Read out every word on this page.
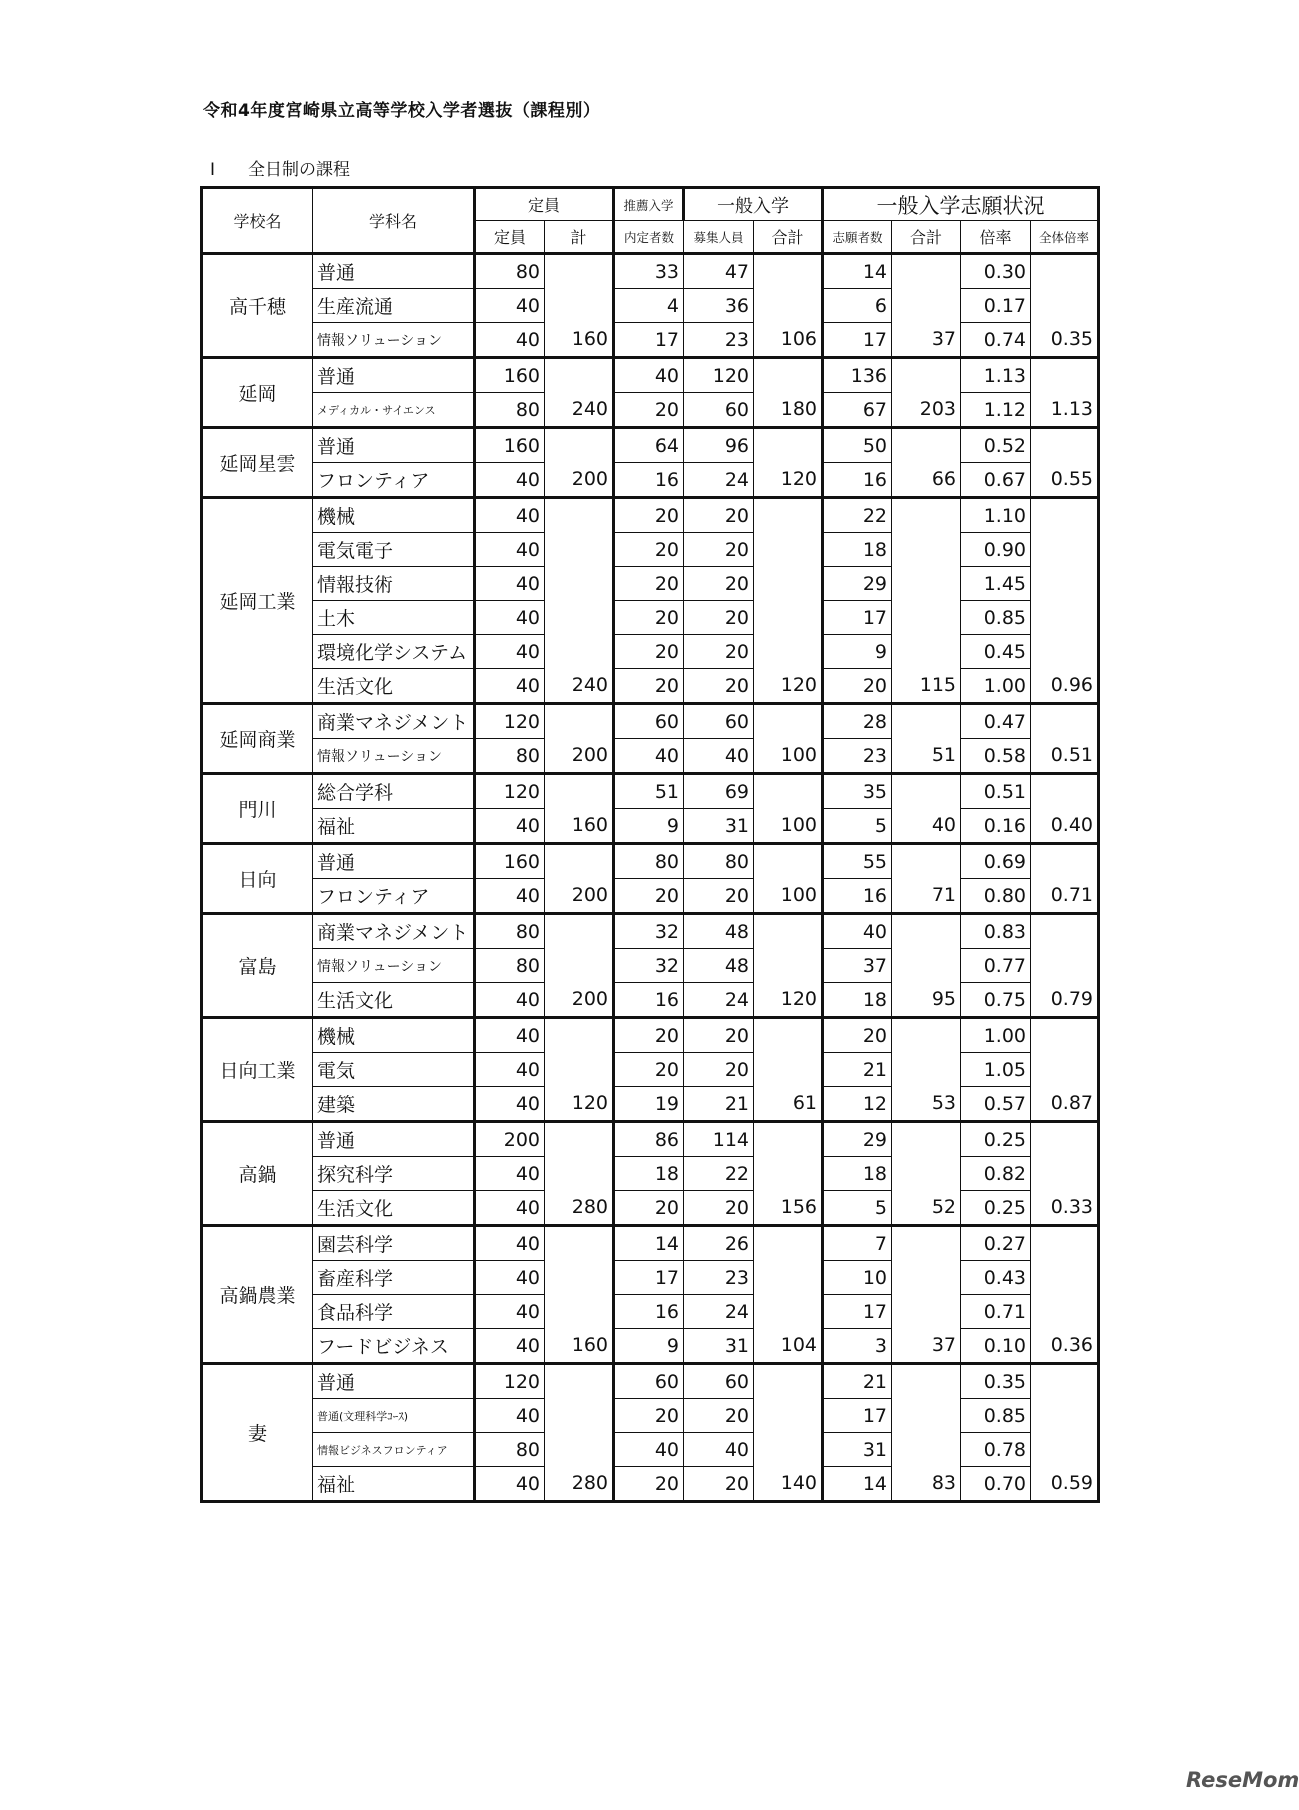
令和4年度宮崎県立高等学校入学者選抜（課程別）
Ⅰ 全日制の課程
学校名	学科名	定員		推薦入学	一般入学		一般入学志願状況			
		定員	計	内定者数	募集人員	合計	志願者数	合計	倍率	全体倍率
高千穂	普通	80	160	33	47	106	14	37	0.30	0.35
	生産流通	40		4	36		6		0.17	
	情報ソリューション	40		17	23		17		0.74	
延岡	普通	160	240	40	120	180	136	203	1.13	1.13
	メディカル・サイエンス	80		20	60		67		1.12	
延岡星雲	普通	160	200	64	96	120	50	66	0.52	0.55
	フロンティア	40		16	24		16		0.67	
延岡工業	機械	40	240	20	20	120	22	115	1.10	0.96
	電気電子	40		20	20		18		0.90	
	情報技術	40		20	20		29		1.45	
	土木	40		20	20		17		0.85	
	環境化学システム	40		20	20		9		0.45	
	生活文化	40		20	20		20		1.00	
延岡商業	商業マネジメント	120	200	60	60	100	28	51	0.47	0.51
	情報ソリューション	80		40	40		23		0.58	
門川	総合学科	120	160	51	69	100	35	40	0.51	0.40
	福祉	40		9	31		5		0.16	
日向	普通	160	200	80	80	100	55	71	0.69	0.71
	フロンティア	40		20	20		16		0.80	
富島	商業マネジメント	80	200	32	48	120	40	95	0.83	0.79
	情報ソリューション	80		32	48		37		0.77	
	生活文化	40		16	24		18		0.75	
日向工業	機械	40	120	20	20	61	20	53	1.00	0.87
	電気	40		20	20		21		1.05	
	建築	40		19	21		12		0.57	
高鍋	普通	200	280	86	114	156	29	52	0.25	0.33
	探究科学	40		18	22		18		0.82	
	生活文化	40		20	20		5		0.25	
高鍋農業	園芸科学	40	160	14	26	104	7	37	0.27	0.36
	畜産科学	40		17	23		10		0.43	
	食品科学	40		16	24		17		0.71	
	フードビジネス	40		9	31		3		0.10	
妻	普通	120	280	60	60	140	21	83	0.35	0.59
	普通(文理科学ｺｰｽ)	40		20	20		17		0.85	
	情報ビジネスフロンティア	80		40	40		31		0.78	
	福祉	40		20	20		14		0.70	
ReseMom
